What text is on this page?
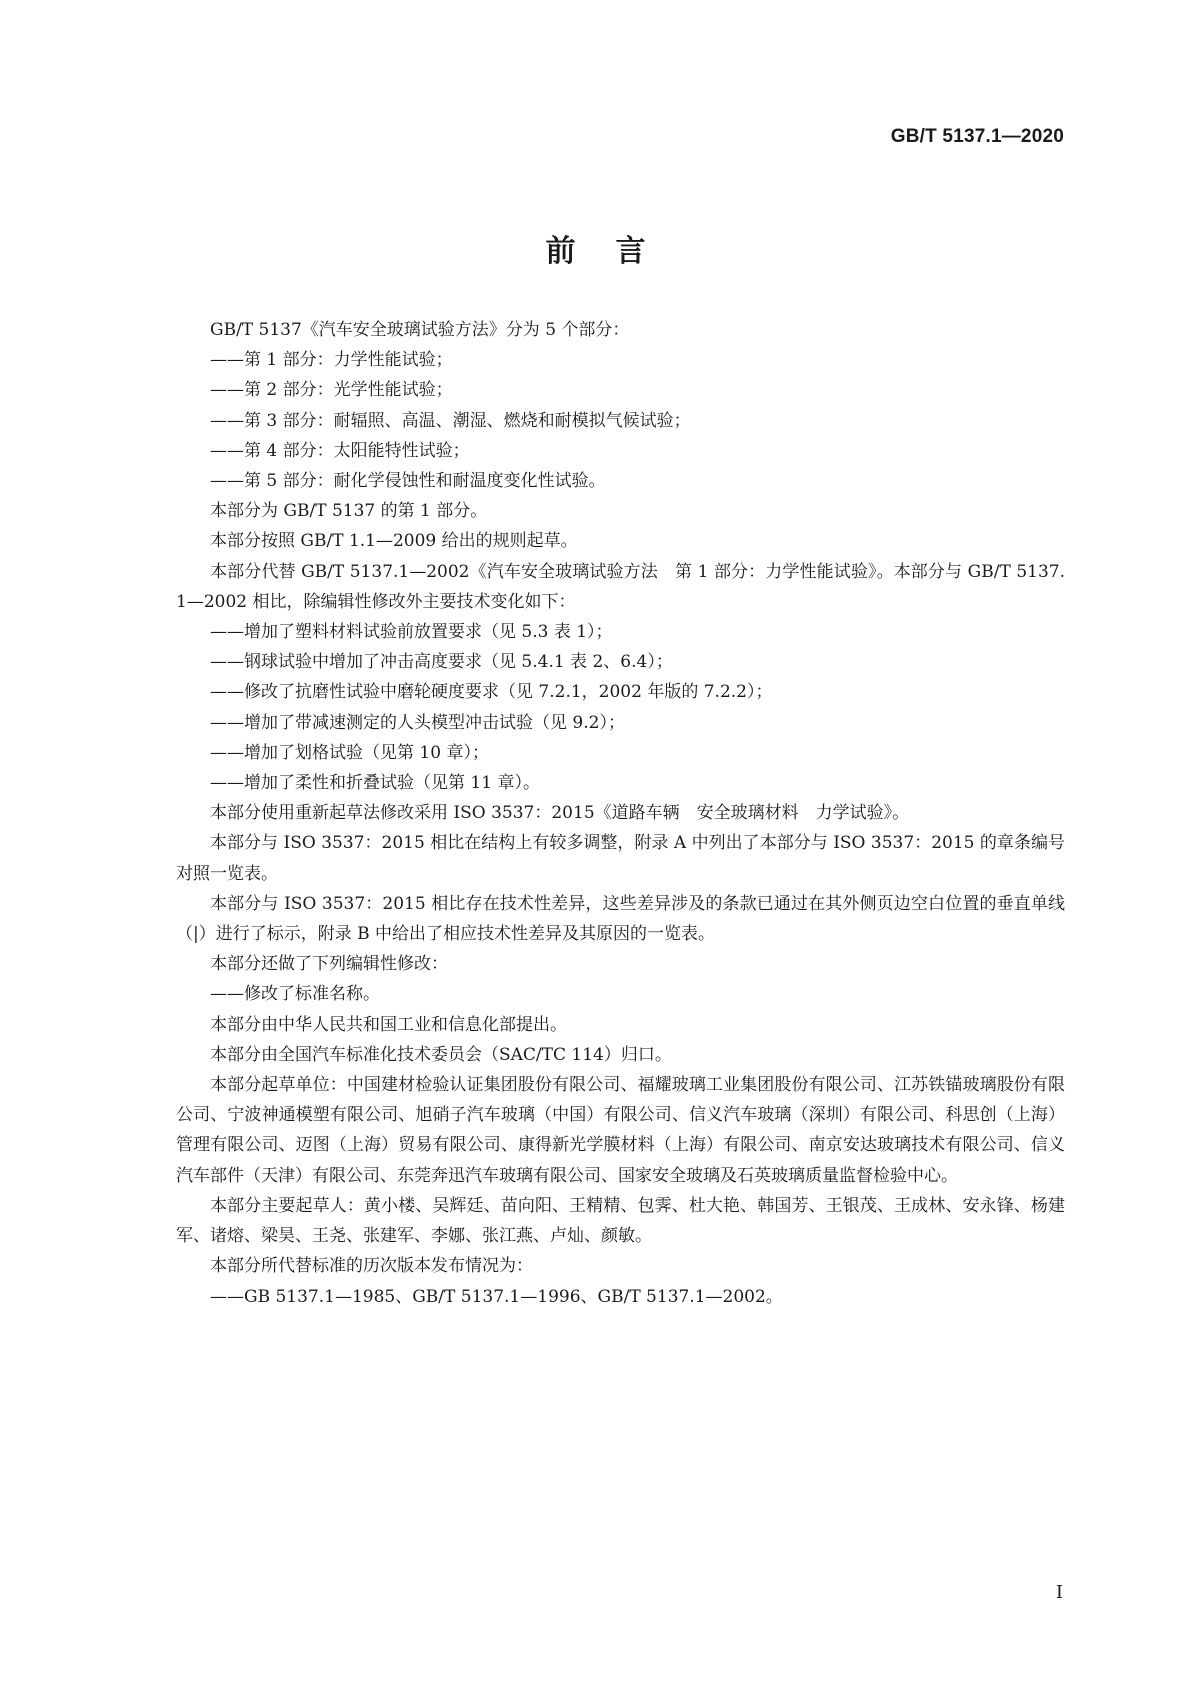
GB/T 5137.1—2020
前言

GB/T 5137《汽车安全玻璃试验方法》分为 5 个部分：

——第 1 部分：力学性能试验；

——第 2 部分：光学性能试验；

——第 3 部分：耐辐照、高温、潮湿、燃烧和耐模拟气候试验；

——第 4 部分：太阳能特性试验；

——第 5 部分：耐化学侵蚀性和耐温度变化性试验。

本部分为 GB/T 5137 的第 1 部分。

本部分按照 GB/T 1.1—2009 给出的规则起草。

本部分代替 GB/T 5137.1—2002《汽车安全玻璃试验方法　第 1 部分：力学性能试验》。本部分与 GB/T 5137.1—2002 相比，除编辑性修改外主要技术变化如下：

——增加了塑料材料试验前放置要求（见 5.3 表 1）；

——钢球试验中增加了冲击高度要求（见 5.4.1 表 2、6.4）；

——修改了抗磨性试验中磨轮硬度要求（见 7.2.1，2002 年版的 7.2.2）；

——增加了带减速测定的人头模型冲击试验（见 9.2）；

——增加了划格试验（见第 10 章）；

——增加了柔性和折叠试验（见第 11 章）。

本部分使用重新起草法修改采用 ISO 3537：2015《道路车辆　安全玻璃材料　力学试验》。

本部分与 ISO 3537：2015 相比在结构上有较多调整，附录 A 中列出了本部分与 ISO 3537：2015 的章条编号对照一览表。

本部分与 ISO 3537：2015 相比存在技术性差异，这些差异涉及的条款已通过在其外侧页边空白位置的垂直单线（|）进行了标示，附录 B 中给出了相应技术性差异及其原因的一览表。

本部分还做了下列编辑性修改：

——修改了标准名称。

本部分由中华人民共和国工业和信息化部提出。

本部分由全国汽车标准化技术委员会（SAC/TC 114）归口。

本部分起草单位：中国建材检验认证集团股份有限公司、福耀玻璃工业集团股份有限公司、江苏铁锚玻璃股份有限公司、宁波神通模塑有限公司、旭硝子汽车玻璃（中国）有限公司、信义汽车玻璃（深圳）有限公司、科思创（上海）管理有限公司、迈图（上海）贸易有限公司、康得新光学膜材料（上海）有限公司、南京安达玻璃技术有限公司、信义汽车部件（天津）有限公司、东莞奔迅汽车玻璃有限公司、国家安全玻璃及石英玻璃质量监督检验中心。

本部分主要起草人：黄小楼、吴辉廷、苗向阳、王精精、包霁、杜大艳、韩国芳、王银茂、王成林、安永锋、杨建军、诸熔、梁昊、王尧、张建军、李娜、张江燕、卢灿、颜敏。

本部分所代替标准的历次版本发布情况为：

——GB 5137.1—1985、GB/T 5137.1—1996、GB/T 5137.1—2002。

I
